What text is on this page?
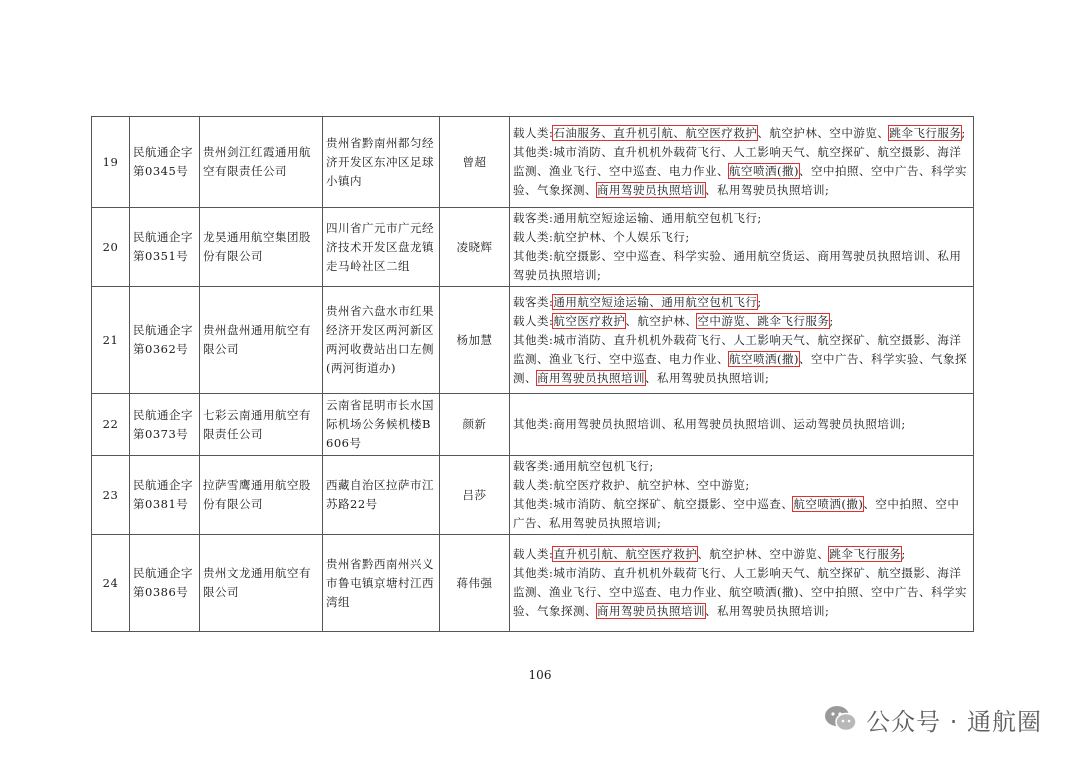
19	民航通企字第0345号	贵州剑江红霞通用航空有限责任公司	贵州省黔南州都匀经济开发区东冲区足球小镇内	曾超	载人类:石油服务、直升机引航、航空医疗救护、航空护林、空中游览、跳伞飞行服务;
其他类:城市消防、直升机机外载荷飞行、人工影响天气、航空探矿、航空摄影、海洋监测、渔业飞行、空中巡查、电力作业、航空喷洒(撒)、空中拍照、空中广告、科学实验、气象探测、商用驾驶员执照培训、私用驾驶员执照培训;

20	民航通企字第0351号	龙昊通用航空集团股份有限公司	四川省广元市广元经济技术开发区盘龙镇走马岭社区二组	凌晓辉	载客类:通用航空短途运输、通用航空包机飞行;
载人类:航空护林、个人娱乐飞行;
其他类:航空摄影、空中巡查、科学实验、通用航空货运、商用驾驶员执照培训、私用驾驶员执照培训;

21	民航通企字第0362号	贵州盘州通用航空有限公司	贵州省六盘水市红果经济开发区两河新区两河收费站出口左侧(两河街道办)	杨加慧	载客类:通用航空短途运输、通用航空包机飞行;
载人类:航空医疗救护、航空护林、空中游览、跳伞飞行服务;
其他类:城市消防、直升机机外载荷飞行、人工影响天气、航空探矿、航空摄影、海洋监测、渔业飞行、空中巡查、电力作业、航空喷洒(撒)、空中广告、科学实验、气象探测、商用驾驶员执照培训、私用驾驶员执照培训;

22	民航通企字第0373号	七彩云南通用航空有限责任公司	云南省昆明市长水国际机场公务候机楼B606号	颜新	其他类:商用驾驶员执照培训、私用驾驶员执照培训、运动驾驶员执照培训;

23	民航通企字第0381号	拉萨雪鹰通用航空股份有限公司	西藏自治区拉萨市江苏路22号	吕莎	载客类:通用航空包机飞行;
载人类:航空医疗救护、航空护林、空中游览;
其他类:城市消防、航空探矿、航空摄影、空中巡查、航空喷洒(撒)、空中拍照、空中广告、私用驾驶员执照培训;

24	民航通企字第0386号	贵州文龙通用航空有限公司	贵州省黔西南州兴义市鲁屯镇京塘村江西湾组	蒋伟强	载人类:直升机引航、航空医疗救护、航空护林、空中游览、跳伞飞行服务;
其他类:城市消防、直升机机外载荷飞行、人工影响天气、航空探矿、航空摄影、海洋监测、渔业飞行、空中巡查、电力作业、航空喷洒(撒)、空中拍照、空中广告、科学实验、气象探测、商用驾驶员执照培训、私用驾驶员执照培训;
106
公众号 · 通航圈
